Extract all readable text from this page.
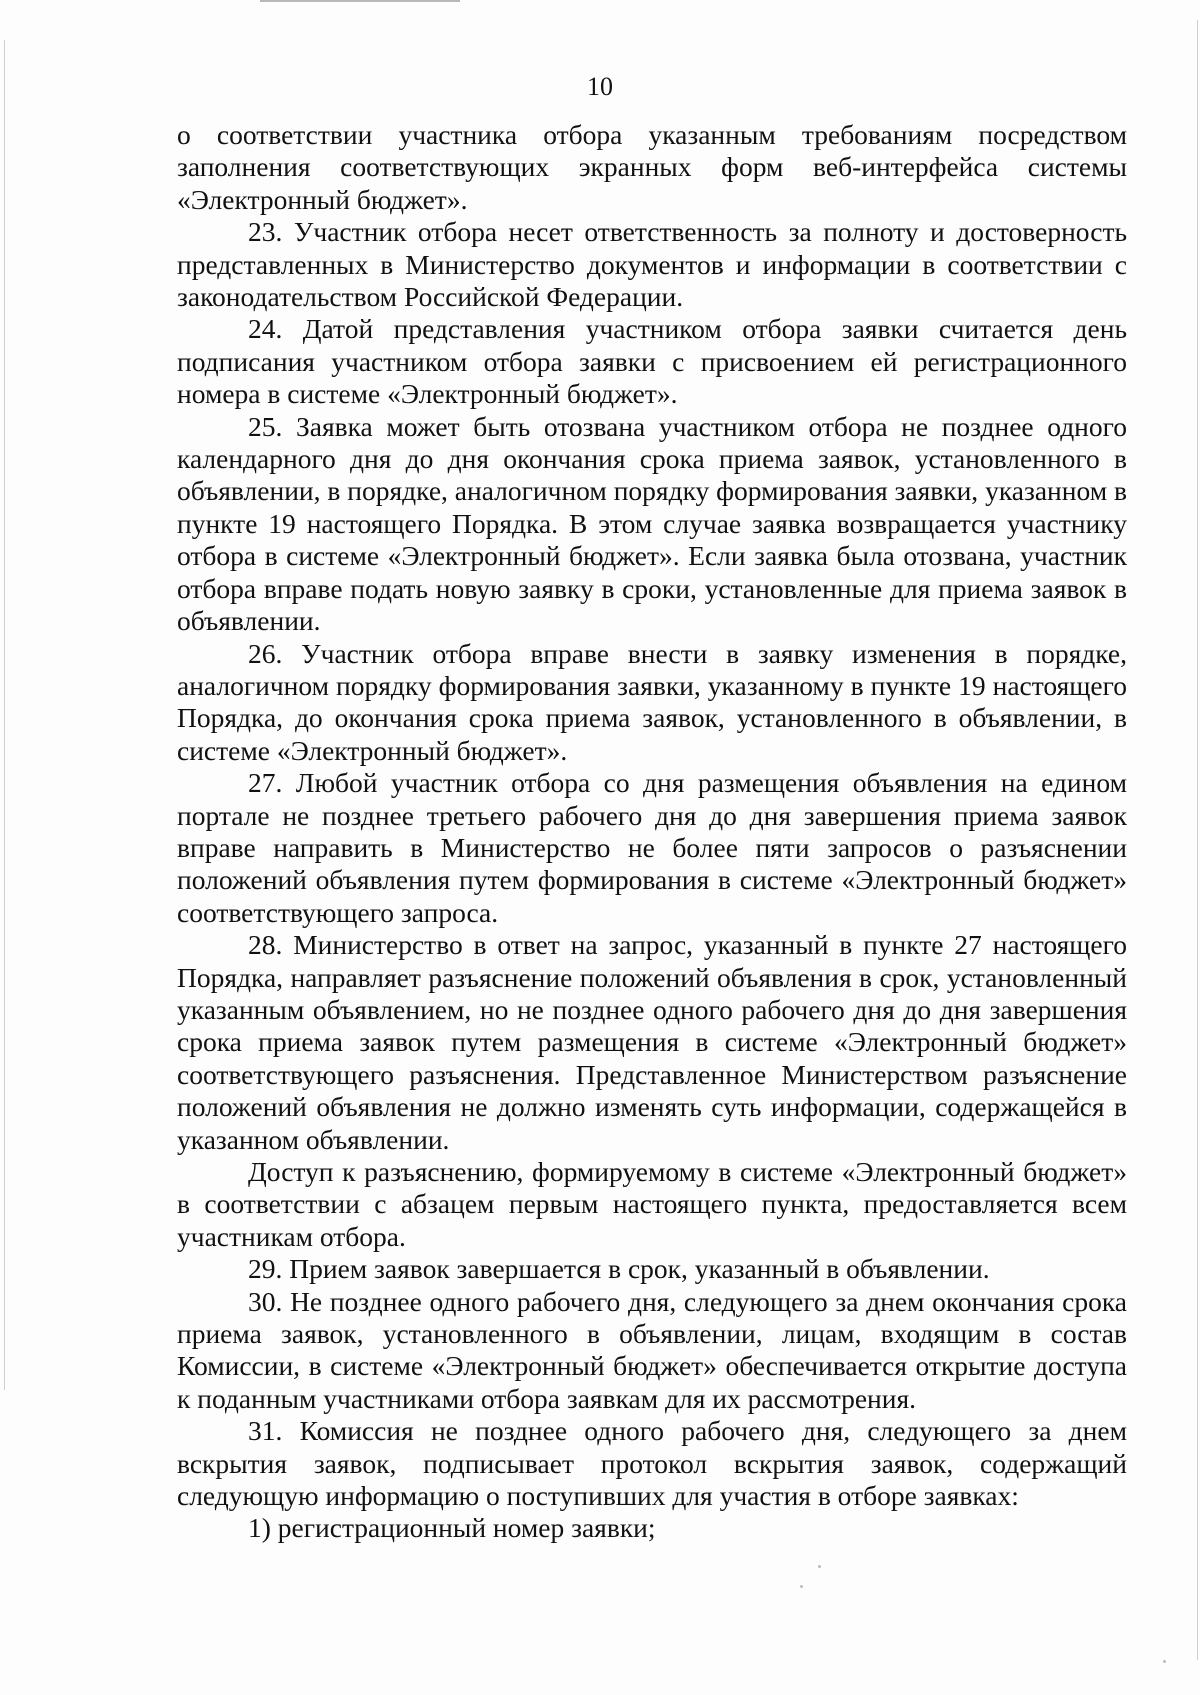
10

о соответствии участника отбора указанным требованиям посредством заполнения соответствующих экранных форм веб-интерфейса системы «Электронный бюджет».

23. Участник отбора несет ответственность за полноту и достоверность представленных в Министерство документов и информации в соответствии с законодательством Российской Федерации.

24. Датой представления участником отбора заявки считается день подписания участником отбора заявки с присвоением ей регистрационного номера в системе «Электронный бюджет».

25. Заявка может быть отозвана участником отбора не позднее одного календарного дня до дня окончания срока приема заявок, установленного в объявлении, в порядке, аналогичном порядку формирования заявки, указанном в пункте 19 настоящего Порядка. В этом случае заявка возвращается участнику отбора в системе «Электронный бюджет». Если заявка была отозвана, участник отбора вправе подать новую заявку в сроки, установленные для приема заявок в объявлении.

26. Участник отбора вправе внести в заявку изменения в порядке, аналогичном порядку формирования заявки, указанному в пункте 19 настоящего Порядка, до окончания срока приема заявок, установленного в объявлении, в системе «Электронный бюджет».

27. Любой участник отбора со дня размещения объявления на едином портале не позднее третьего рабочего дня до дня завершения приема заявок вправе направить в Министерство не более пяти запросов о разъяснении положений объявления путем формирования в системе «Электронный бюджет» соответствующего запроса.

28. Министерство в ответ на запрос, указанный в пункте 27 настоящего Порядка, направляет разъяснение положений объявления в срок, установленный указанным объявлением, но не позднее одного рабочего дня до дня завершения срока приема заявок путем размещения в системе «Электронный бюджет» соответствующего разъяснения. Представленное Министерством разъяснение положений объявления не должно изменять суть информации, содержащейся в указанном объявлении.

Доступ к разъяснению, формируемому в системе «Электронный бюджет» в соответствии с абзацем первым настоящего пункта, предоставляется всем участникам отбора.

29. Прием заявок завершается в срок, указанный в объявлении.

30. Не позднее одного рабочего дня, следующего за днем окончания срока приема заявок, установленного в объявлении, лицам, входящим в состав Комиссии, в системе «Электронный бюджет» обеспечивается открытие доступа к поданным участниками отбора заявкам для их рассмотрения.

31. Комиссия не позднее одного рабочего дня, следующего за днем вскрытия заявок, подписывает протокол вскрытия заявок, содержащий следующую информацию о поступивших для участия в отборе заявках:

1) регистрационный номер заявки;
